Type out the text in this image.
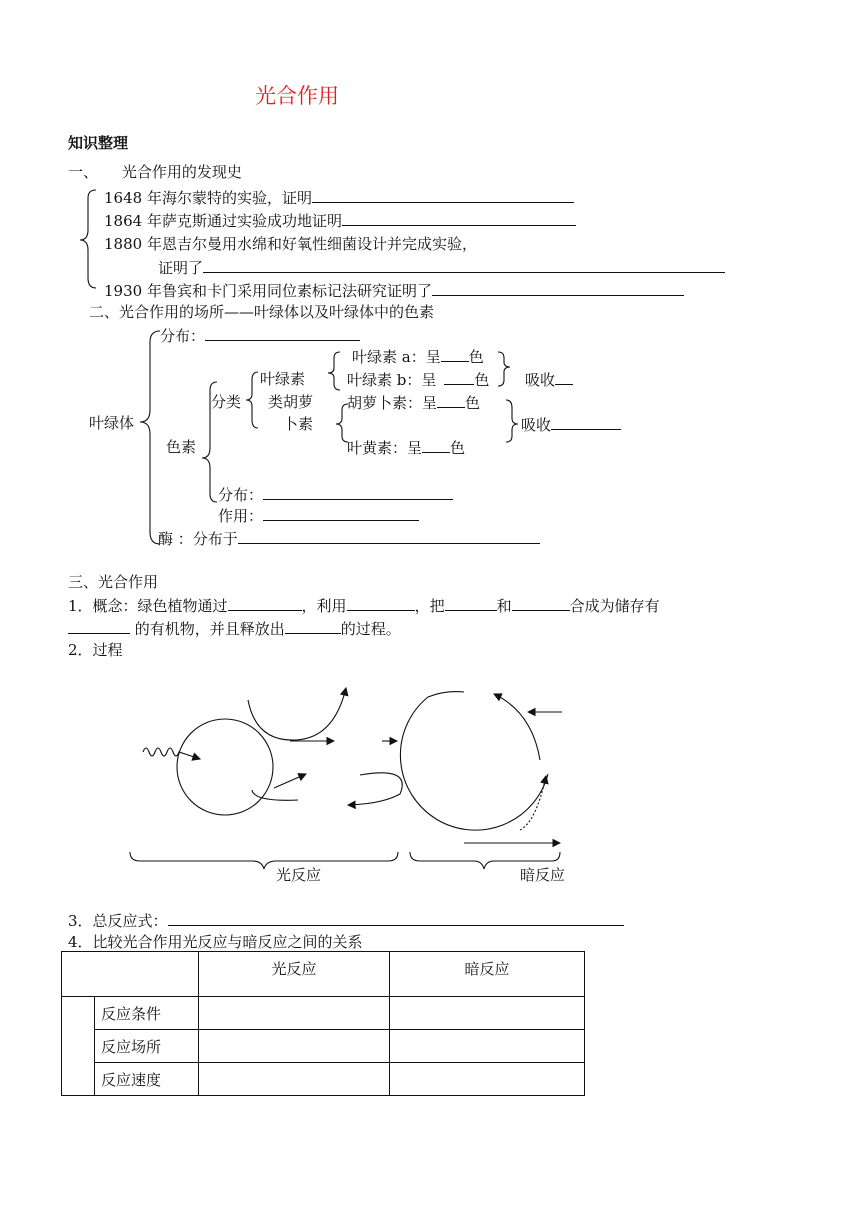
光合作用
知识整理
一、     光合作用的发现史
1648 年海尔蒙特的实验，证明
1864 年萨克斯通过实验成功地证明
1880 年恩吉尔曼用水绵和好氧性细菌设计并完成实验，
证明了
1930 年鲁宾和卡门采用同位素标记法研究证明了
二、光合作用的场所——叶绿体以及叶绿体中的色素
分布：
叶绿体
色素
分类
叶绿素
类胡萝
卜素
叶绿素 a：呈 色
叶绿素 b：呈	色 吸收
胡萝卜素：呈 色
吸收
叶黄素：呈 色
分布：
作用：
酶 ：分布于
三、光合作用
1．概念：绿色植物通过	，利用	，把	和	合成为储存有
的有机物，并且释放出	的过程。
2．过程
光反应	暗反应
3．总反应式：
4．比较光合作用光反应与暗反应之间的关系
		光反应	暗反应
	反应条件		
	反应场所		
	反应速度		
